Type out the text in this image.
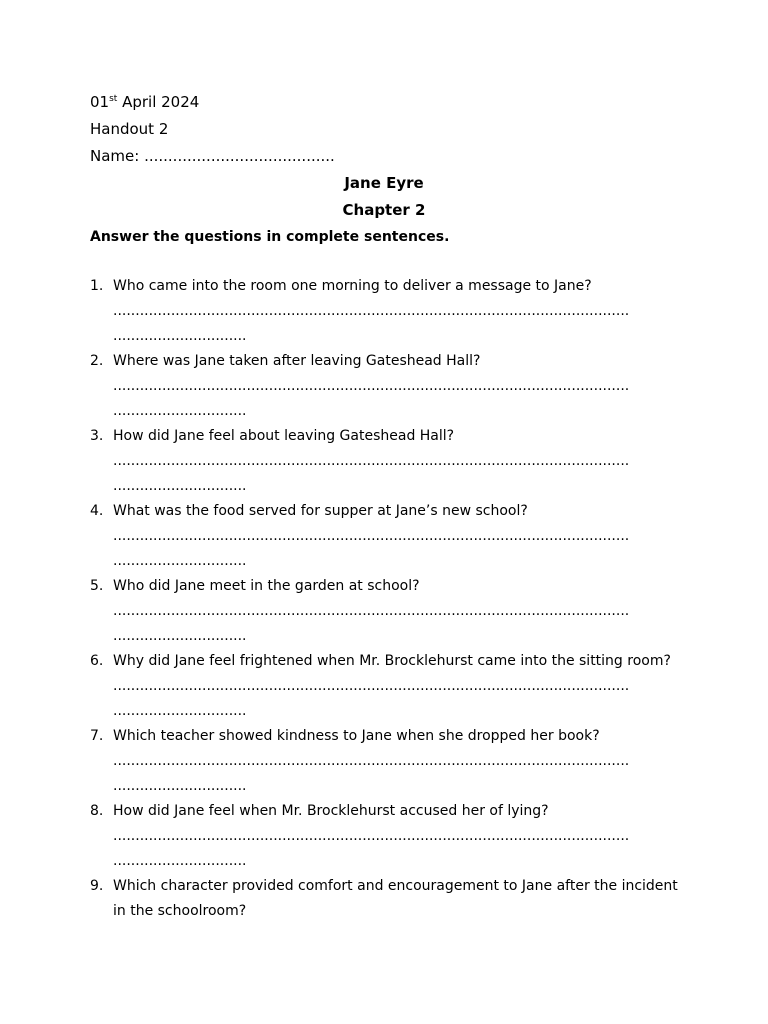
01st April 2024
Handout 2
Name: ........................................
Jane Eyre
Chapter 2
Answer the questions in complete sentences.
1. Who came into the room one morning to deliver a message to Jane?
....................................................................................................................
..............................
2. Where was Jane taken after leaving Gateshead Hall?
....................................................................................................................
..............................
3. How did Jane feel about leaving Gateshead Hall?
....................................................................................................................
..............................
4. What was the food served for supper at Jane’s new school?
....................................................................................................................
..............................
5. Who did Jane meet in the garden at school?
....................................................................................................................
..............................
6. Why did Jane feel frightened when Mr. Brocklehurst came into the sitting room?
....................................................................................................................
..............................
7. Which teacher showed kindness to Jane when she dropped her book?
....................................................................................................................
..............................
8. How did Jane feel when Mr. Brocklehurst accused her of lying?
....................................................................................................................
..............................
9. Which character provided comfort and encouragement to Jane after the incident in the schoolroom?
